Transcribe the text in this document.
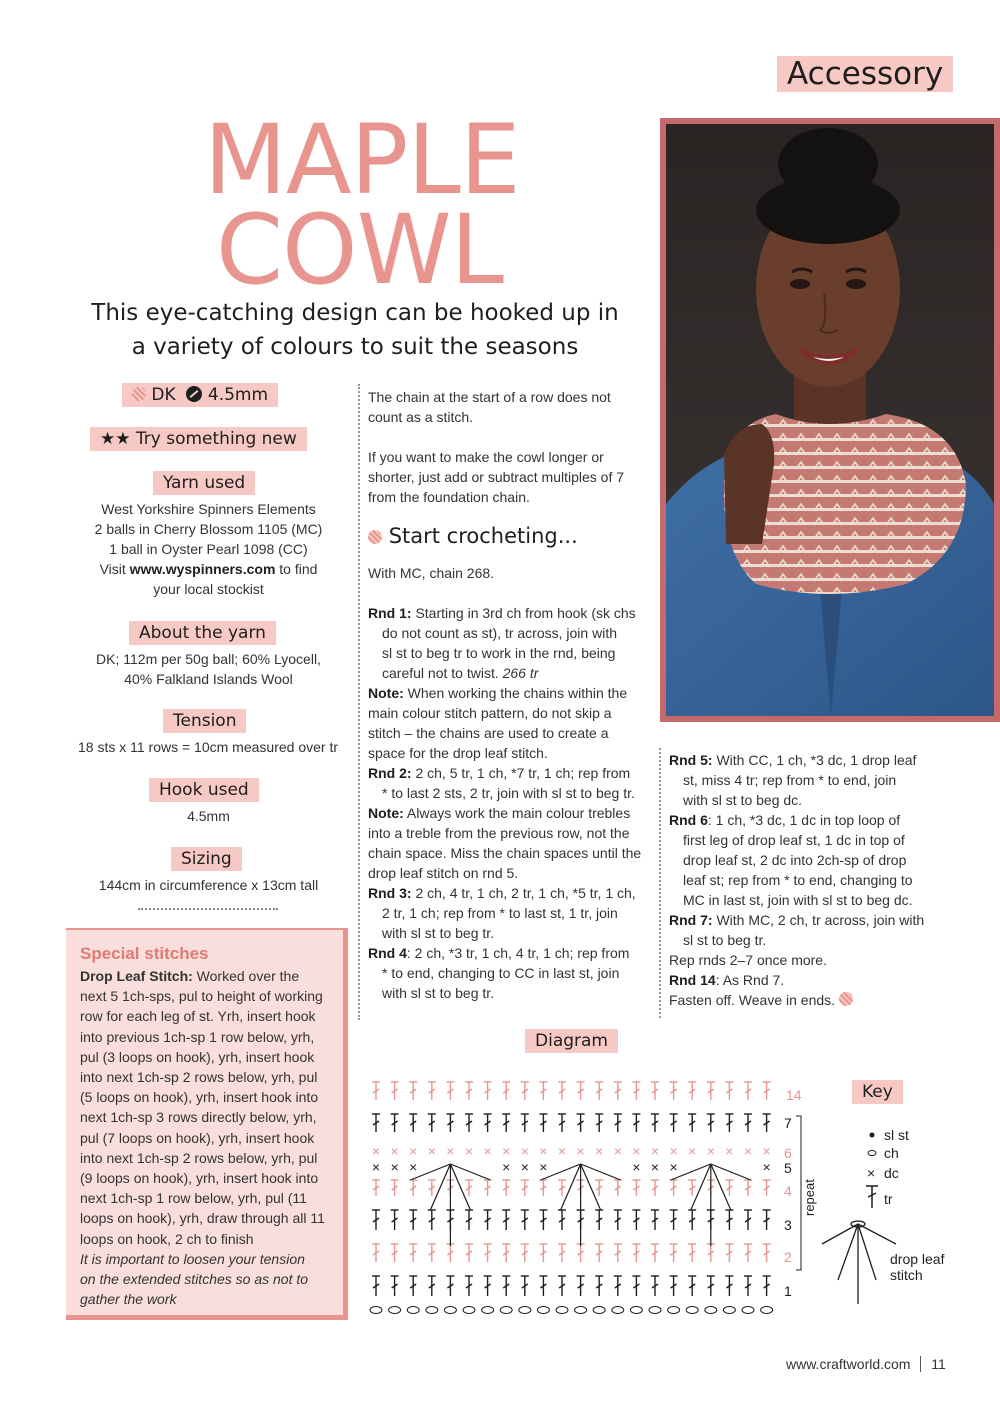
Accessory
MAPLE
COWL
This eye-catching design can be hooked up in
a variety of colours to suit the seasons
DK 4.5mm
★★ Try something new
Yarn used
West Yorkshire Spinners Elements
2 balls in Cherry Blossom 1105 (MC)
1 ball in Oyster Pearl 1098 (CC)
Visit www.wyspinners.com to find
your local stockist
About the yarn
DK; 112m per 50g ball; 60% Lyocell,
40% Falkland Islands Wool
Tension
18 sts x 11 rows = 10cm measured over tr
Hook used
4.5mm
Sizing
144cm in circumference x 13cm tall
Special stitches
Drop Leaf Stitch: Worked over the
next 5 1ch-sps, pul to height of working
row for each leg of st. Yrh, insert hook
into previous 1ch-sp 1 row below, yrh,
pul (3 loops on hook), yrh, insert hook
into next 1ch-sp 2 rows below, yrh, pul
(5 loops on hook), yrh, insert hook into
next 1ch-sp 3 rows directly below, yrh,
pul (7 loops on hook), yrh, insert hook
into next 1ch-sp 2 rows below, yrh, pul
(9 loops on hook), yrh, insert hook into
next 1ch-sp 1 row below, yrh, pul (11
loops on hook), yrh, draw through all 11
loops on hook, 2 ch to finish
It is important to loosen your tension
on the extended stitches so as not to
gather the work

The chain at the start of a row does not

count as a stitch.

If you want to make the cowl longer or

shorter, just add or subtract multiples of 7

from the foundation chain.

Start crocheting...

With MC, chain 268.

Rnd 1: Starting in 3rd ch from hook (sk chs

do not count as st), tr across, join with

sl st to beg tr to work in the rnd, being

careful not to twist. 266 tr

Note: When working the chains within the

main colour stitch pattern, do not skip a

stitch – the chains are used to create a

space for the drop leaf stitch.

Rnd 2: 2 ch, 5 tr, 1 ch, *7 tr, 1 ch; rep from

* to last 2 sts, 2 tr, join with sl st to beg tr.

Note: Always work the main colour trebles

into a treble from the previous row, not the

chain space. Miss the chain spaces until the

drop leaf stitch on rnd 5.

Rnd 3: 2 ch, 4 tr, 1 ch, 2 tr, 1 ch, *5 tr, 1 ch,

2 tr, 1 ch; rep from * to last st, 1 tr, join

with sl st to beg tr.

Rnd 4: 2 ch, *3 tr, 1 ch, 4 tr, 1 ch; rep from

* to end, changing to CC in last st, join

with sl st to beg tr.

Rnd 5: With CC, 1 ch, *3 dc, 1 drop leaf

st, miss 4 tr; rep from * to end, join

with sl st to beg dc.

Rnd 6: 1 ch, *3 dc, 1 dc in top loop of

first leg of drop leaf st, 1 dc in top of

drop leaf st, 2 dc into 2ch-sp of drop

leaf st; rep from * to end, changing to

MC in last st, join with sl st to beg dc.

Rnd 7: With MC, 2 ch, tr across, join with

sl st to beg tr.

Rep rnds 2–7 once more.

Rnd 14: As Rnd 7.

Fasten off. Weave in ends.

Diagram
× × × × × × × × × × × × × × × × × × × × × ×
× × ×	× × ×	× × ×	×
14
7
6
5
4
3
2
1
repeat
Key
×
sl st
ch
dc
tr
drop leaf
stitch
www.craftworld.com 11
